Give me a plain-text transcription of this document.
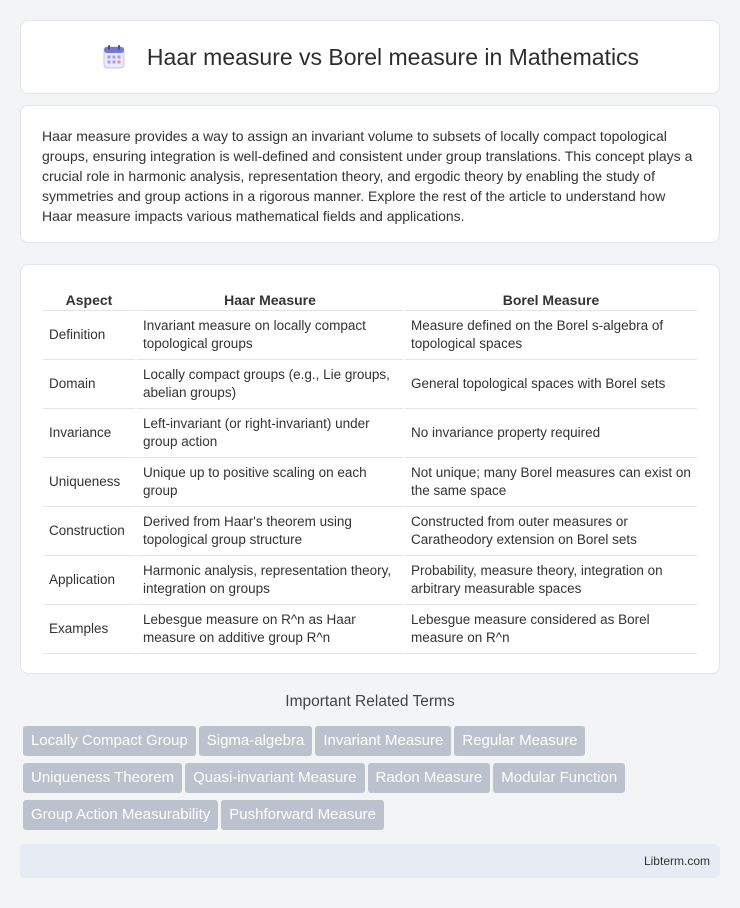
Haar measure vs Borel measure in Mathematics

Haar measure provides a way to assign an invariant volume to subsets of locally compact topological groups, ensuring integration is well-defined and consistent under group translations. This concept plays a crucial role in harmonic analysis, representation theory, and ergodic theory by enabling the study of symmetries and group actions in a rigorous manner. Explore the rest of the article to understand how Haar measure impacts various mathematical fields and applications.

Aspect	Haar Measure	Borel Measure
Definition	Invariant measure on locally compact topological groups	Measure defined on the Borel s-algebra of topological spaces
Domain	Locally compact groups (e.g., Lie groups, abelian groups)	General topological spaces with Borel sets
Invariance	Left-invariant (or right-invariant) under group action	No invariance property required
Uniqueness	Unique up to positive scaling on each group	Not unique; many Borel measures can exist on the same space
Construction	Derived from Haar's theorem using topological group structure	Constructed from outer measures or Caratheodory extension on Borel sets
Application	Harmonic analysis, representation theory, integration on groups	Probability, measure theory, integration on arbitrary measurable spaces
Examples	Lebesgue measure on R^n as Haar measure on additive group R^n	Lebesgue measure considered as Borel measure on R^n
Important Related Terms
Locally Compact Group Sigma-algebra Invariant Measure Regular Measure
Uniqueness Theorem Quasi-invariant Measure Radon Measure Modular Function
Group Action Measurability Pushforward Measure
Libterm.com
